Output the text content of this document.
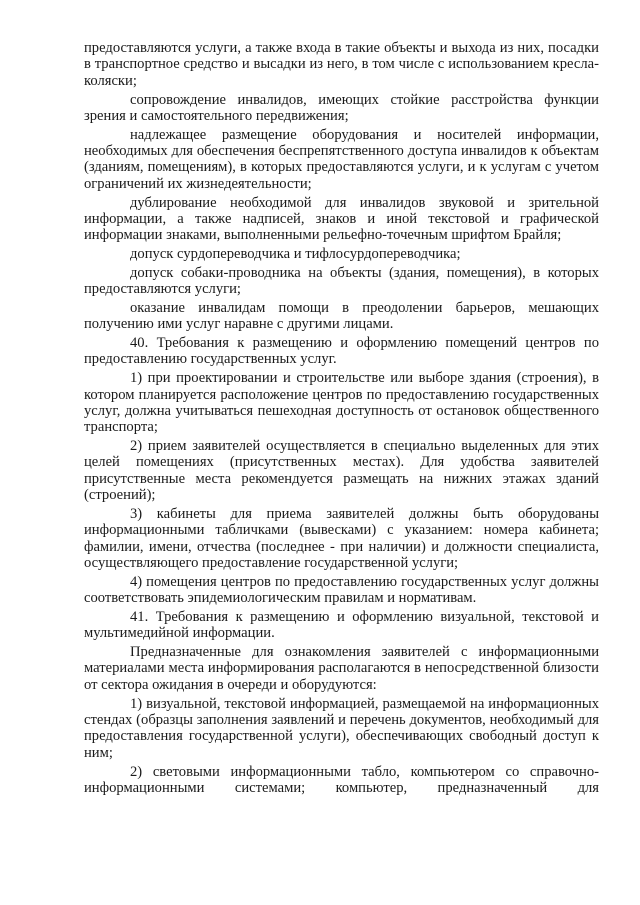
предоставляются услуги, а также входа в такие объекты и выхода из них, посадки в транспортное средство и высадки из него, в том числе с использованием кресла-коляски;

сопровождение инвалидов, имеющих стойкие расстройства функции зрения и самостоятельного передвижения;

надлежащее размещение оборудования и носителей информации, необходимых для обеспечения беспрепятственного доступа инвалидов к объектам (зданиям, помещениям), в которых предоставляются услуги, и к услугам с учетом ограничений их жизнедеятельности;

дублирование необходимой для инвалидов звуковой и зрительной информации, а также надписей, знаков и иной текстовой и графической информации знаками, выполненными рельефно-точечным шрифтом Брайля;

допуск сурдопереводчика и тифлосурдопереводчика;

допуск собаки-проводника на объекты (здания, помещения), в которых предоставляются услуги;

оказание инвалидам помощи в преодолении барьеров, мешающих получению ими услуг наравне с другими лицами.

40. Требования к размещению и оформлению помещений центров по предоставлению государственных услуг.

1) при проектировании и строительстве или выборе здания (строения), в котором планируется расположение центров по предоставлению государственных услуг, должна учитываться пешеходная доступность от остановок общественного транспорта;

2) прием заявителей осуществляется в специально выделенных для этих целей помещениях (присутственных местах). Для удобства заявителей присутственные места рекомендуется размещать на нижних этажах зданий (строений);

3) кабинеты для приема заявителей должны быть оборудованы информационными табличками (вывесками) с указанием: номера кабинета; фамилии, имени, отчества (последнее - при наличии) и должности специалиста, осуществляющего предоставление государственной услуги;

4) помещения центров по предоставлению государственных услуг должны соответствовать эпидемиологическим правилам и нормативам.

41. Требования к размещению и оформлению визуальной, текстовой и мультимедийной информации.

Предназначенные для ознакомления заявителей с информационными материалами места информирования располагаются в непосредственной близости от сектора ожидания в очереди и оборудуются:

1) визуальной, текстовой информацией, размещаемой на информационных стендах (образцы заполнения заявлений и перечень документов, необходимый для предоставления государственной услуги), обеспечивающих свободный доступ к ним;

2) световыми информационными табло, компьютером со справочно-информационными системами; компьютер, предназначенный для
